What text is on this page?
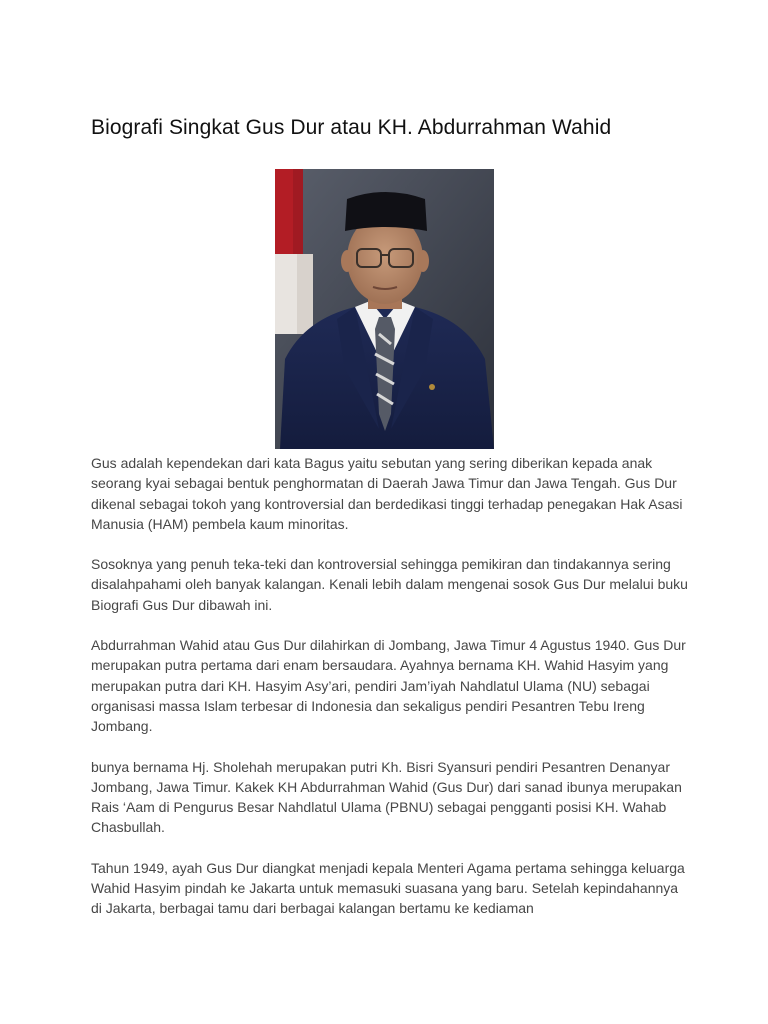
Biografi Singkat Gus Dur atau KH. Abdurrahman Wahid

Gus adalah kependekan dari kata Bagus yaitu sebutan yang sering diberikan kepada anak seorang kyai sebagai bentuk penghormatan di Daerah Jawa Timur dan Jawa Tengah. Gus Dur dikenal sebagai tokoh yang kontroversial dan berdedikasi tinggi terhadap penegakan Hak Asasi Manusia (HAM) pembela kaum minoritas.

Sosoknya yang penuh teka-teki dan kontroversial sehingga pemikiran dan tindakannya sering disalahpahami oleh banyak kalangan. Kenali lebih dalam mengenai sosok Gus Dur melalui buku Biografi Gus Dur dibawah ini.

Abdurrahman Wahid atau Gus Dur dilahirkan di Jombang, Jawa Timur 4 Agustus 1940. Gus Dur merupakan putra pertama dari enam bersaudara. Ayahnya bernama KH. Wahid Hasyim yang merupakan putra dari KH. Hasyim Asy’ari, pendiri Jam’iyah Nahdlatul Ulama (NU) sebagai organisasi massa Islam terbesar di Indonesia dan sekaligus pendiri Pesantren Tebu Ireng Jombang.

bunya bernama Hj. Sholehah merupakan putri Kh. Bisri Syansuri pendiri Pesantren Denanyar Jombang, Jawa Timur. Kakek KH Abdurrahman Wahid (Gus Dur) dari sanad ibunya merupakan Rais ‘Aam di Pengurus Besar Nahdlatul Ulama (PBNU) sebagai pengganti posisi KH. Wahab Chasbullah.

Tahun 1949, ayah Gus Dur diangkat menjadi kepala Menteri Agama pertama sehingga keluarga Wahid Hasyim pindah ke Jakarta untuk memasuki suasana yang baru. Setelah kepindahannya di Jakarta, berbagai tamu dari berbagai kalangan bertamu ke kediaman
